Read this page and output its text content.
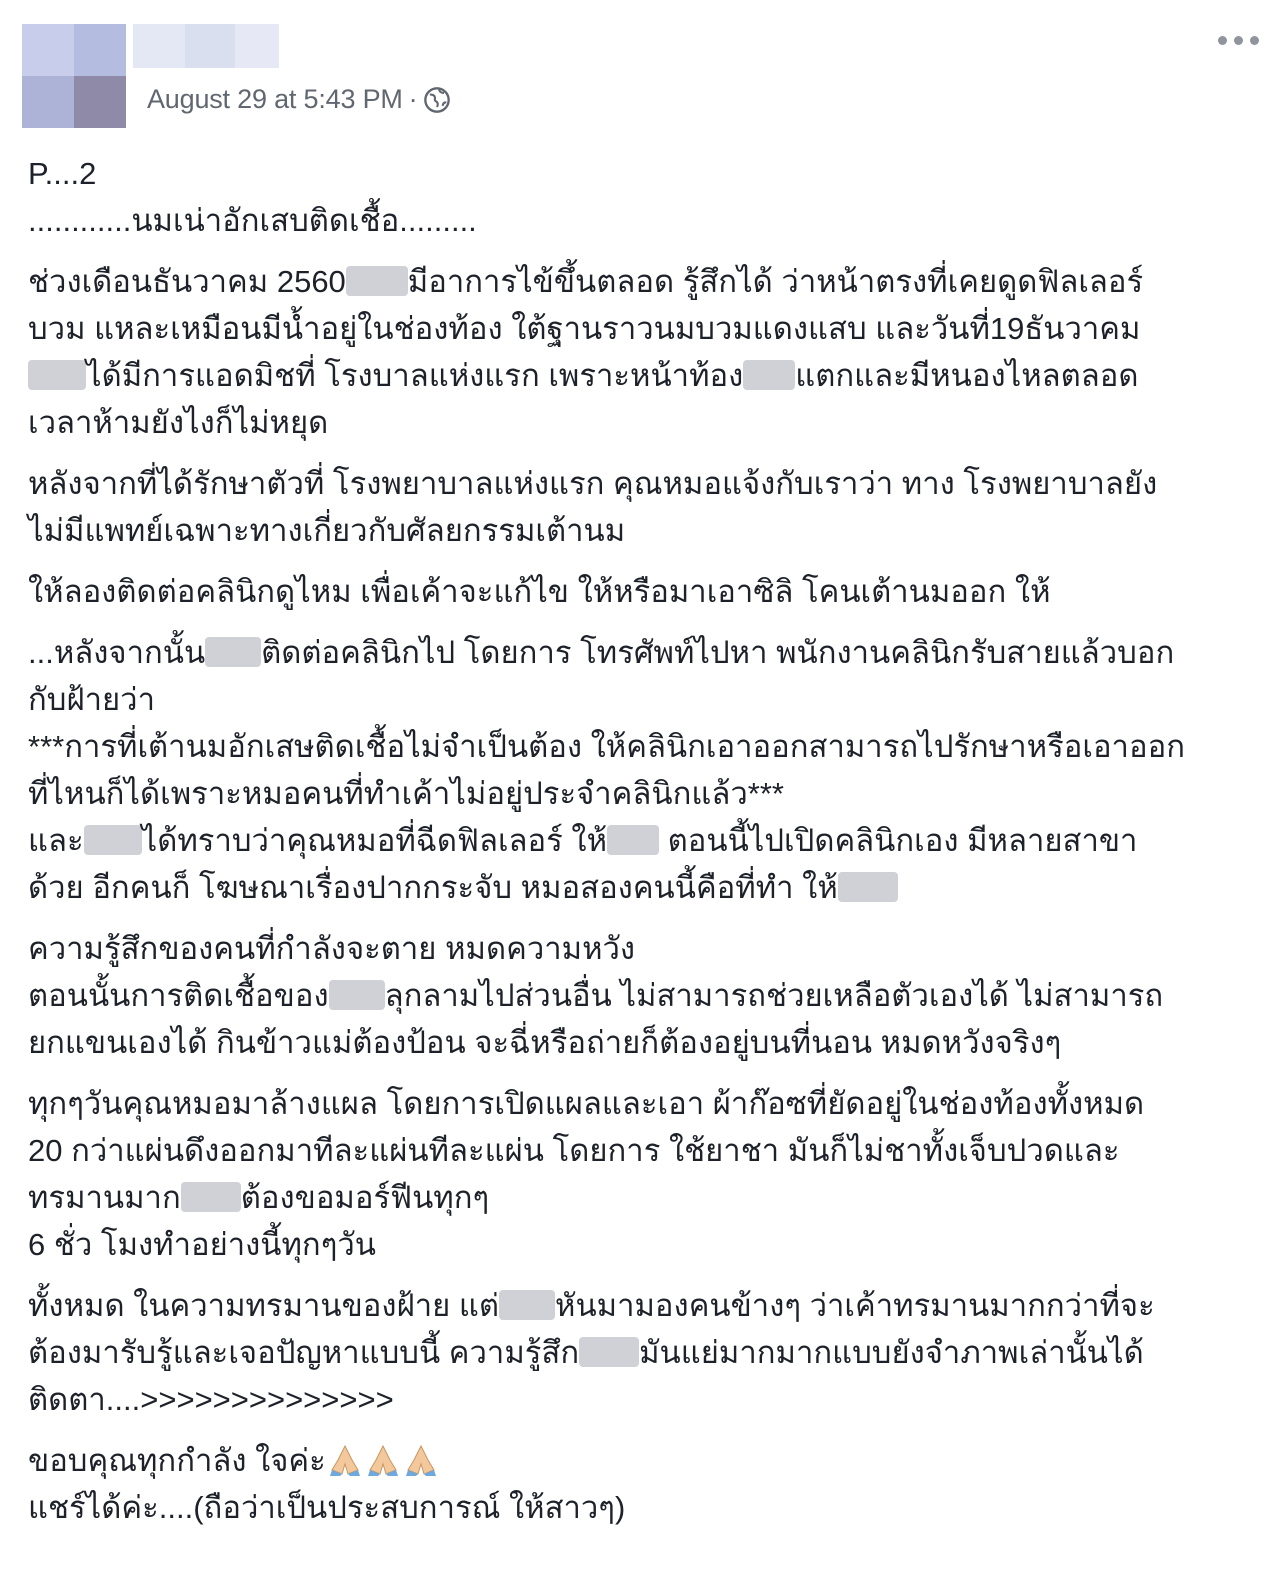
August 29 at 5:43 PM ·

P....2

............นมเน่าอักเสบติดเชื้อ.........

ช่วงเดือนธันวาคม 2560 มีอาการไข้ขึ้นตลอด รู้สึกได้ ว่าหน้าตรงที่เคยดูดฟิลเลอร์

บวม แหละเหมือนมีน้ำอยู่ในช่องท้อง ใต้ฐานราวนมบวมแดงแสบ และวันที่19ธันวาคม

ได้มีการแอดมิชที่ โรงบาลแห่งแรก เพราะหน้าท้อง แตกและมีหนองไหลตลอด

เวลาห้ามยังไงก็ไม่หยุด

หลังจากที่ได้รักษาตัวที่ โรงพยาบาลแห่งแรก คุณหมอแจ้งกับเราว่า ทาง โรงพยาบาลยัง

ไม่มีแพทย์เฉพาะทางเกี่ยวกับศัลยกรรมเต้านม

ให้ลองติดต่อคลินิกดูไหม เพื่อเค้าจะแก้ไข ให้หรือมาเอาซิลิ โคนเต้านมออก ให้

...หลังจากนั้น ติดต่อคลินิกไป โดยการ โทรศัพท์ไปหา พนักงานคลินิกรับสายแล้วบอก

กับฝ้ายว่า

***การที่เต้านมอักเสษติดเชื้อไม่จำเป็นต้อง ให้คลินิกเอาออกสามารถไปรักษาหรือเอาออก

ที่ไหนก็ได้เพราะหมอคนที่ทำเค้าไม่อยู่ประจำคลินิกแล้ว***

และ ได้ทราบว่าคุณหมอที่ฉีดฟิลเลอร์ ให้ ตอนนี้ไปเปิดคลินิกเอง มีหลายสาขา

ด้วย อีกคนก็ โฆษณาเรื่องปากกระจับ หมอสองคนนี้คือที่ทำ ให้

ความรู้สึกของคนที่กำลังจะตาย หมดความหวัง

ตอนนั้นการติดเชื้อของ ลุกลามไปส่วนอื่น ไม่สามารถช่วยเหลือตัวเองได้ ไม่สามารถ

ยกแขนเองได้ กินข้าวแม่ต้องป้อน จะฉี่หรือถ่ายก็ต้องอยู่บนที่นอน หมดหวังจริงๆ

ทุกๆวันคุณหมอมาล้างแผล โดยการเปิดแผลและเอา ผ้าก๊อซที่ยัดอยู่ในช่องท้องทั้งหมด

20 กว่าแผ่นดึงออกมาทีละแผ่นทีละแผ่น โดยการ ใช้ยาชา มันก็ไม่ชาทั้งเจ็บปวดและ

ทรมานมาก ต้องขอมอร์ฟีนทุกๆ

6 ชั่ว โมงทำอย่างนี้ทุกๆวัน

ทั้งหมด ในความทรมานของฝ้าย แต่ หันมามองคนข้างๆ ว่าเค้าทรมานมากกว่าที่จะ

ต้องมารับรู้และเจอปัญหาแบบนี้ ความรู้สึก มันแย่มากมากแบบยังจำภาพเล่านั้นได้

ติดตา....>>>>>>>>>>>>>>

ขอบคุณทุกกำลัง ใจค่ะ

แชร์ได้ค่ะ....(ถือว่าเป็นประสบการณ์ ให้สาวๆ)
